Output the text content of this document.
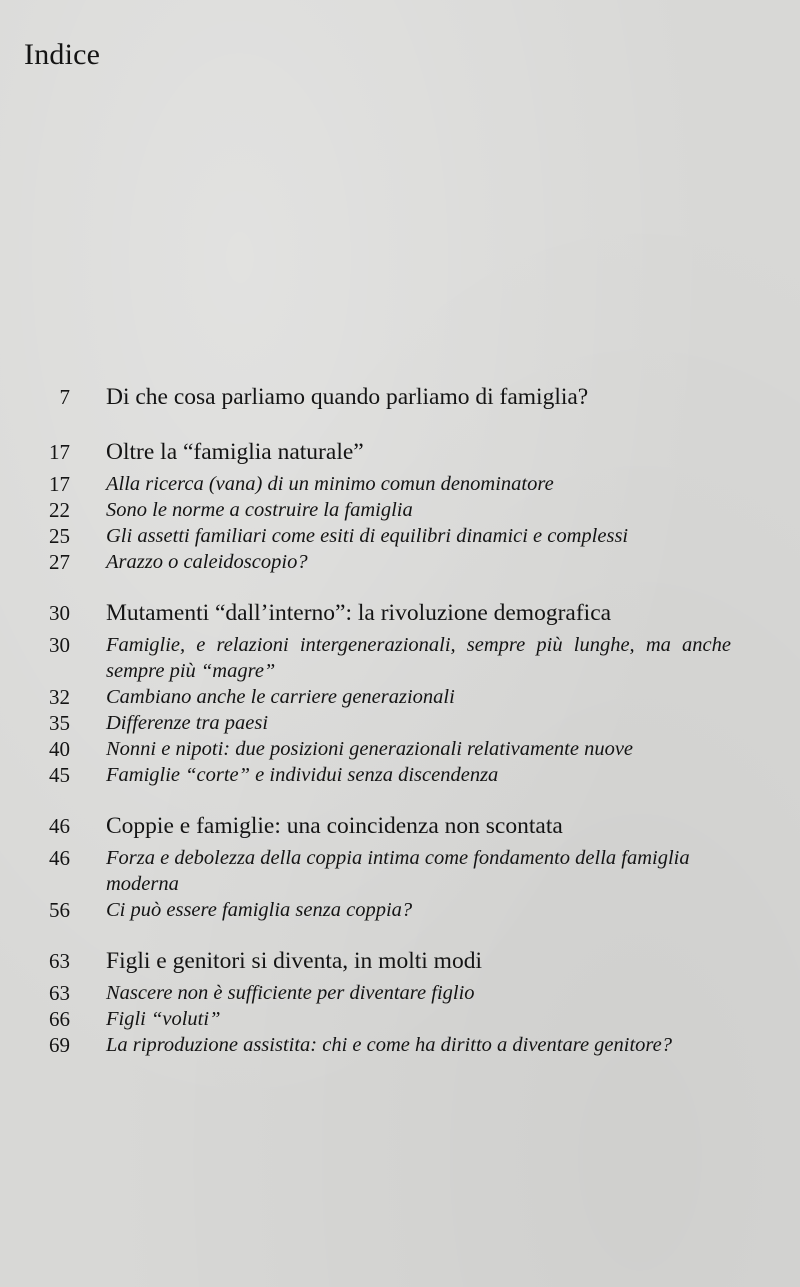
Indice
7 Di che cosa parliamo quando parliamo di famiglia?
17 Oltre la “famiglia naturale”
17 Alla ricerca (vana) di un minimo comun denominatore
22 Sono le norme a costruire la famiglia
25 Gli assetti familiari come esiti di equilibri dinamici e complessi
27 Arazzo o caleidoscopio?
30 Mutamenti “dall’interno”: la rivoluzione demografica
30 Famiglie, e relazioni intergenerazionali, sempre più lunghe, ma anche sempre più “magre”
32 Cambiano anche le carriere generazionali
35 Differenze tra paesi
40 Nonni e nipoti: due posizioni generazionali relativamente nuove
45 Famiglie “corte” e individui senza discendenza
46 Coppie e famiglie: una coincidenza non scontata
46 Forza e debolezza della coppia intima come fondamento della famiglia moderna
56 Ci può essere famiglia senza coppia?
63 Figli e genitori si diventa, in molti modi
63 Nascere non è sufficiente per diventare figlio
66 Figli “voluti”
69 La riproduzione assistita: chi e come ha diritto a diventare genitore?
